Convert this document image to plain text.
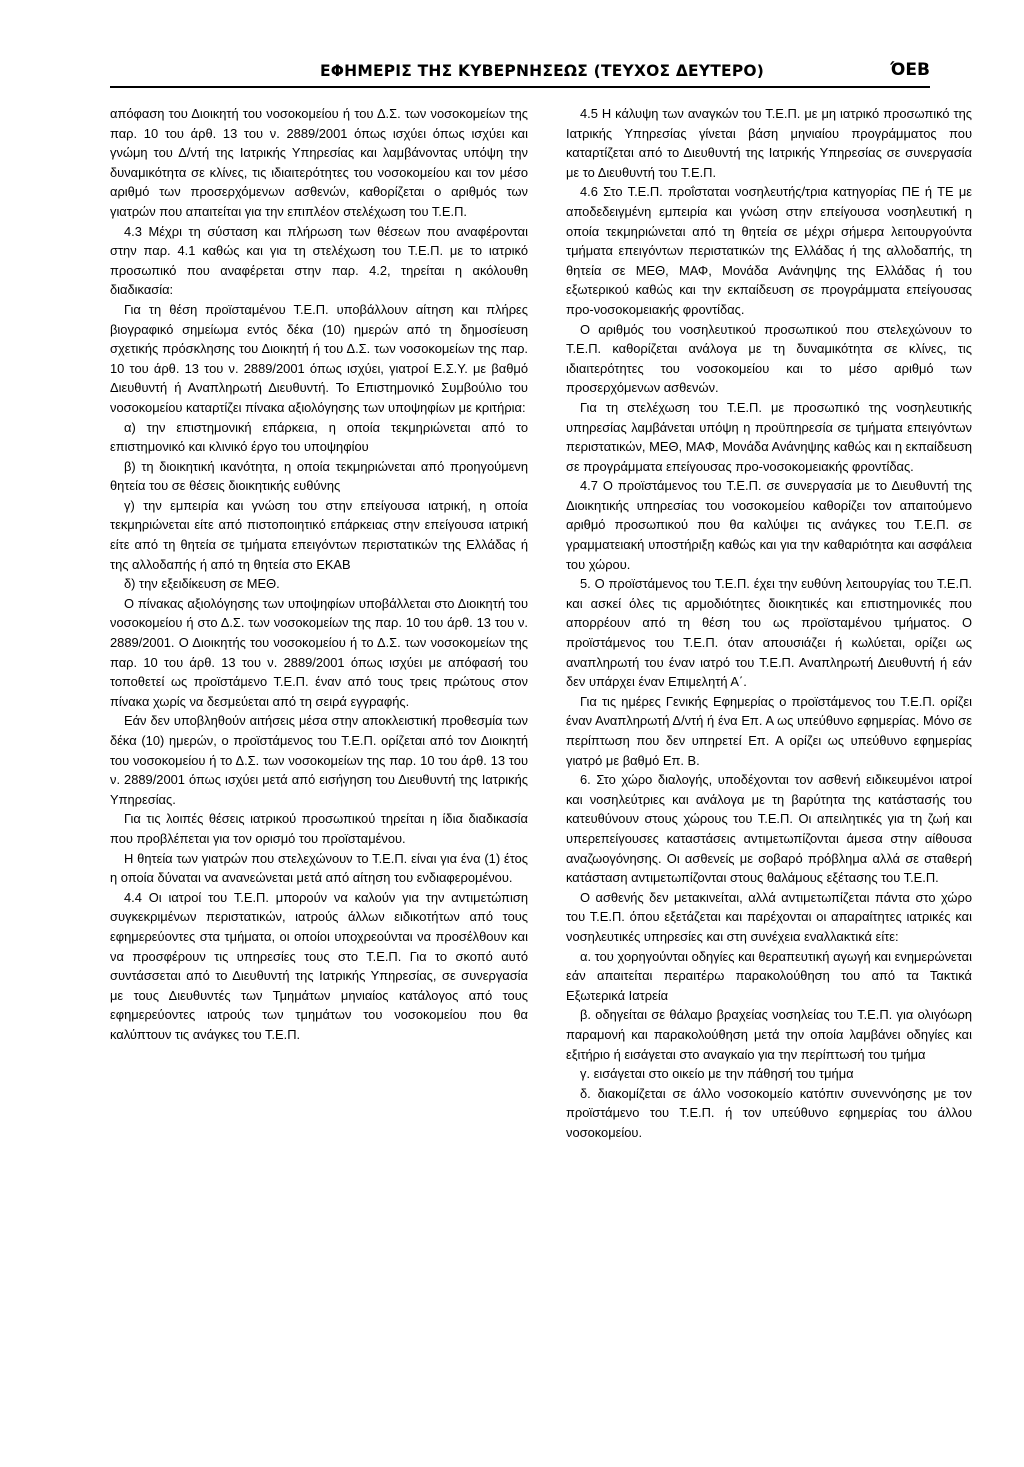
ΕΦΗΜΕΡΙΣ ΤΗΣ ΚΥΒΕΡΝΗΣΕΩΣ (ΤΕΥΧΟΣ ΔΕΥΤΕΡΟ)	ΌΕΒ

απόφαση του Διοικητή του νοσοκομείου ή του Δ.Σ. των νοσοκομείων της παρ. 10 του άρθ. 13 του ν. 2889/2001 όπως ισχύει όπως ισχύει και γνώμη του Δ/ντή της Ιατρικής Υπηρεσίας και λαμβάνοντας υπόψη την δυναμικότητα σε κλίνες, τις ιδιαιτερότητες του νοσοκομείου και τον μέσο αριθμό των προσερχόμενων ασθενών, καθορίζεται ο αριθμός των γιατρών που απαιτείται για την επιπλέον στελέχωση του Τ.Ε.Π.

4.3 Μέχρι τη σύσταση και πλήρωση των θέσεων που αναφέρονται στην παρ. 4.1 καθώς και για τη στελέχωση του Τ.Ε.Π. με το ιατρικό προσωπικό που αναφέρεται στην παρ. 4.2, τηρείται η ακόλουθη διαδικασία:

Για τη θέση προϊσταμένου Τ.Ε.Π. υποβάλλουν αίτηση και πλήρες βιογραφικό σημείωμα εντός δέκα (10) ημερών από τη δημοσίευση σχετικής πρόσκλησης του Διοικητή ή του Δ.Σ. των νοσοκομείων της παρ. 10 του άρθ. 13 του ν. 2889/2001 όπως ισχύει, γιατροί Ε.Σ.Υ. με βαθμό Διευθυντή ή Αναπληρωτή Διευθυντή. Το Επιστημονικό Συμβούλιο του νοσοκομείου καταρτίζει πίνακα αξιολόγησης των υποψηφίων με κριτήρια:

α) την επιστημονική επάρκεια, η οποία τεκμηριώνεται από το επιστημονικό και κλινικό έργο του υποψηφίου

β) τη διοικητική ικανότητα, η οποία τεκμηριώνεται από προηγούμενη θητεία του σε θέσεις διοικητικής ευθύνης

γ) την εμπειρία και γνώση του στην επείγουσα ιατρική, η οποία τεκμηριώνεται είτε από πιστοποιητικό επάρκειας στην επείγουσα ιατρική είτε από τη θητεία σε τμήματα επειγόντων περιστατικών της Ελλάδας ή της αλλοδαπής ή από τη θητεία στο ΕΚΑΒ

δ) την εξειδίκευση σε ΜΕΘ.

Ο πίνακας αξιολόγησης των υποψηφίων υποβάλλεται στο Διοικητή του νοσοκομείου ή στο Δ.Σ. των νοσοκομείων της παρ. 10 του άρθ. 13 του ν. 2889/2001. Ο Διοικητής του νοσοκομείου ή το Δ.Σ. των νοσοκομείων της παρ. 10 του άρθ. 13 του ν. 2889/2001 όπως ισχύει με απόφασή του τοποθετεί ως προϊστάμενο Τ.Ε.Π. έναν από τους τρεις πρώτους στον πίνακα χωρίς να δεσμεύεται από τη σειρά εγγραφής.

Εάν δεν υποβληθούν αιτήσεις μέσα στην αποκλειστική προθεσμία των δέκα (10) ημερών, ο προϊστάμενος του Τ.Ε.Π. ορίζεται από τον Διοικητή του νοσοκομείου ή το Δ.Σ. των νοσοκομείων της παρ. 10 του άρθ. 13 του ν. 2889/2001 όπως ισχύει μετά από εισήγηση του Διευθυντή της Ιατρικής Υπηρεσίας.

Για τις λοιπές θέσεις ιατρικού προσωπικού τηρείται η ίδια διαδικασία που προβλέπεται για τον ορισμό του προϊσταμένου.

Η θητεία των γιατρών που στελεχώνουν το Τ.Ε.Π. είναι για ένα (1) έτος η οποία δύναται να ανανεώνεται μετά από αίτηση του ενδιαφερομένου.

4.4 Οι ιατροί του Τ.Ε.Π. μπορούν να καλούν για την αντιμετώπιση συγκεκριμένων περιστατικών, ιατρούς άλλων ειδικοτήτων από τους εφημερεύοντες στα τμήματα, οι οποίοι υποχρεούνται να προσέλθουν και να προσφέρουν τις υπηρεσίες τους στο Τ.Ε.Π. Για το σκοπό αυτό συντάσσεται από το Διευθυντή της Ιατρικής Υπηρεσίας, σε συνεργασία με τους Διευθυντές των Τμημάτων μηνιαίος κατάλογος από τους εφημερεύοντες ιατρούς των τμημάτων του νοσοκομείου που θα καλύπτουν τις ανάγκες του Τ.Ε.Π.

4.5 Η κάλυψη των αναγκών του Τ.Ε.Π. με μη ιατρικό προσωπικό της Ιατρικής Υπηρεσίας γίνεται βάση μηνιαίου προγράμματος που καταρτίζεται από το Διευθυντή της Ιατρικής Υπηρεσίας σε συνεργασία με το Διευθυντή του Τ.Ε.Π.

4.6 Στο Τ.Ε.Π. προΐσταται νοσηλευτής/τρια κατηγορίας ΠΕ ή ΤΕ με αποδεδειγμένη εμπειρία και γνώση στην επείγουσα νοσηλευτική η οποία τεκμηριώνεται από τη θητεία σε μέχρι σήμερα λειτουργούντα τμήματα επειγόντων περιστατικών της Ελλάδας ή της αλλοδαπής, τη θητεία σε ΜΕΘ, ΜΑΦ, Μονάδα Ανάνηψης της Ελλάδας ή του εξωτερικού καθώς και την εκπαίδευση σε προγράμματα επείγουσας προ-νοσοκομειακής φροντίδας.

Ο αριθμός του νοσηλευτικού προσωπικού που στελεχώνουν το Τ.Ε.Π. καθορίζεται ανάλογα με τη δυναμικότητα σε κλίνες, τις ιδιαιτερότητες του νοσοκομείου και το μέσο αριθμό των προσερχόμενων ασθενών.

Για τη στελέχωση του Τ.Ε.Π. με προσωπικό της νοσηλευτικής υπηρεσίας λαμβάνεται υπόψη η προϋπηρεσία σε τμήματα επειγόντων περιστατικών, ΜΕΘ, ΜΑΦ, Μονάδα Ανάνηψης καθώς και η εκπαίδευση σε προγράμματα επείγουσας προ-νοσοκομειακής φροντίδας.

4.7 Ο προϊστάμενος του Τ.Ε.Π. σε συνεργασία με το Διευθυντή της Διοικητικής υπηρεσίας του νοσοκομείου καθορίζει τον απαιτούμενο αριθμό προσωπικού που θα καλύψει τις ανάγκες του Τ.Ε.Π. σε γραμματειακή υποστήριξη καθώς και για την καθαριότητα και ασφάλεια του χώρου.

5. Ο προϊστάμενος του Τ.Ε.Π. έχει την ευθύνη λειτουργίας του Τ.Ε.Π. και ασκεί όλες τις αρμοδιότητες διοικητικές και επιστημονικές που απορρέουν από τη θέση του ως προϊσταμένου τμήματος. Ο προϊστάμενος του Τ.Ε.Π. όταν απουσιάζει ή κωλύεται, ορίζει ως αναπληρωτή του έναν ιατρό του Τ.Ε.Π. Αναπληρωτή Διευθυντή ή εάν δεν υπάρχει έναν Επιμελητή Α΄.

Για τις ημέρες Γενικής Εφημερίας ο προϊστάμενος του Τ.Ε.Π. ορίζει έναν Αναπληρωτή Δ/ντή ή ένα Επ. Α ως υπεύθυνο εφημερίας. Μόνο σε περίπτωση που δεν υπηρετεί Επ. Α ορίζει ως υπεύθυνο εφημερίας γιατρό με βαθμό Επ. Β.

6. Στο χώρο διαλογής, υποδέχονται τον ασθενή ειδικευμένοι ιατροί και νοσηλεύτριες και ανάλογα με τη βαρύτητα της κατάστασής του κατευθύνουν στους χώρους του Τ.Ε.Π. Οι απειλητικές για τη ζωή και υπερεπείγουσες καταστάσεις αντιμετωπίζονται άμεσα στην αίθουσα αναζωογόνησης. Οι ασθενείς με σοβαρό πρόβλημα αλλά σε σταθερή κατάσταση αντιμετωπίζονται στους θαλάμους εξέτασης του Τ.Ε.Π.

Ο ασθενής δεν μετακινείται, αλλά αντιμετωπίζεται πάντα στο χώρο του Τ.Ε.Π. όπου εξετάζεται και παρέχονται οι απαραίτητες ιατρικές και νοσηλευτικές υπηρεσίες και στη συνέχεια εναλλακτικά είτε:

α. του χορηγούνται οδηγίες και θεραπευτική αγωγή και ενημερώνεται εάν απαιτείται περαιτέρω παρακολούθηση του από τα Τακτικά Εξωτερικά Ιατρεία

β. οδηγείται σε θάλαμο βραχείας νοσηλείας του Τ.Ε.Π. για ολιγόωρη παραμονή και παρακολούθηση μετά την οποία λαμβάνει οδηγίες και εξιτήριο ή εισάγεται στο αναγκαίο για την περίπτωσή του τμήμα

γ. εισάγεται στο οικείο με την πάθησή του τμήμα

δ. διακομίζεται σε άλλο νοσοκομείο κατόπιν συνεννόησης με τον προϊστάμενο του Τ.Ε.Π. ή τον υπεύθυνο εφημερίας του άλλου νοσοκομείου.
